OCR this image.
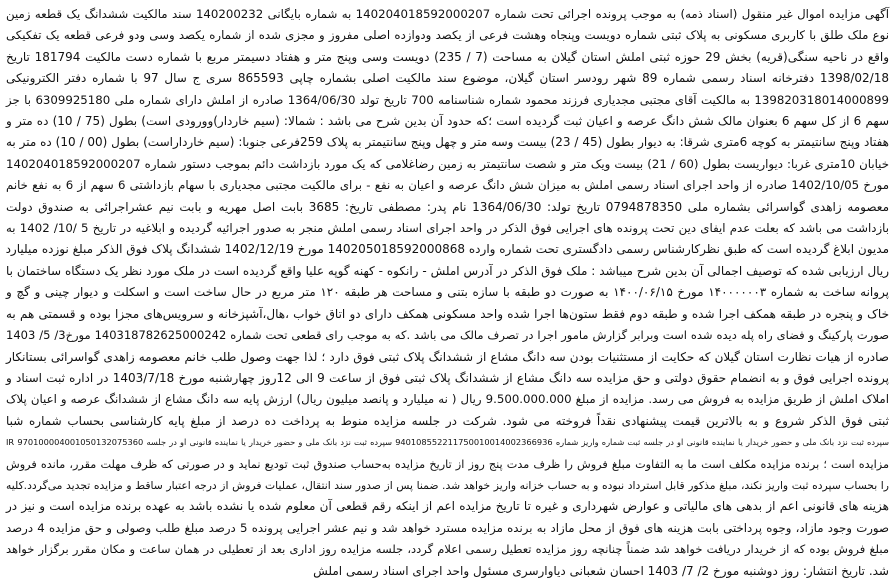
آگهی مزایده اموال غیر منقول (اسناد ذمه) به موجب پرونده اجرائی تحت شماره 140204018592000207 به شماره بایگانی 140200232 سند مالکیت ششدانگ یک قطعه زمین
نوع ملک طلق با کاربری مسکونی به پلاک ثبتی شماره دویست وپنجاه وهشت فرعی از یکصد ودوازده اصلی مفروز و مجزی شده از شماره یکصد وسی ودو فرعی قطعه یک تفکیکی
واقع در ناحیه سنگی(قریه) بخش 29 حوزه ثبتی املش استان گیلان به مساحت (7 / 235) دویست وسی وپنج متر و هفتاد دسیمتر مربع با شماره دست مالکیت 181794 تاریخ
1398/02/18 دفترخانه اسناد رسمی شماره 89 شهر رودسر استان گیلان، موضوع سند مالکیت اصلی بشماره چاپی 865593 سری ج سال 97 با شماره دفتر الکترونیکی
139820318014000899 به مالکیت آقای مجتبی مجدیاری فرزند محمود شماره شناسنامه 700 تاریخ تولد 1364/06/30 صادره از املش دارای شماره ملی 6309925180 با جز
سهم 6 از کل سهم 6 بعنوان مالک شش دانگ عرصه و اعیان ثبت گردیده است ؛که حدود آن بدین شرح می باشد : شمالا: (سیم خاردار)وورودی است) بطول (75 / 10) ده متر و
هفتاد وپنج سانتیمتر به کوچه 6متری شرقا: به دیوار بطول (45 / 23) بیست وسه متر و چهل وپنج سانتیمتر به پلاک 259فرعی جنوبا: (سیم خارداراست) بطول (00 / 10) ده متر به
خیابان 10متری غربا: دیواریست بطول (60 / 21) بیست ویک متر و شصت سانتیمتر به زمین رضاغلامی که یک مورد بازداشت دائم بموجب دستور شماره 140204018592000207
مورخ 1402/10/05 صادره از واحد اجرای اسناد رسمی املش به میزان شش دانگ عرصه و اعیان به نفع - برای مالکیت مجتبی مجدیاری با سهام بازداشتی 6 سهم از 6 به نفع خانم
معصومه زاهدی گواسرائی بشماره ملی 0794878350 تاریخ تولد: 1364/06/30 نام پدر: مصطفی تاریخ: 3685 بابت اصل مهریه و بابت نیم عشراجرائی به صندوق دولت
بازداشت می باشد که بعلت عدم ایفای دین تحت پرونده های اجرایی فوق الذکر در واحد اجرای اسناد رسمی املش منجر به صدور اجرائیه گردیده و ابلاغیه در تاریخ 5 /10/ 1402 به
مدیون ابلاغ گردیده است که طبق نظرکارشناس رسمی دادگستری تحت شماره وارده 140205018592000868 مورخ 1402/12/19 ششدانگ پلاک فوق الذکر مبلغ نوزده میلیارد
ریال ارزیابی شده که توصیف اجمالی آن بدین شرح میباشد : ملک فوق الذکر در آدرس املش - رانکوه - کهنه گوپه علیا واقع گردیده است در ملک مورد نظر یک دستگاه ساختمان با
پروانه ساخت به شماره ۱۴۰۰۰۰۰۰۳ مورخ ۱۴۰۰/۰۶/۱۵ به صورت دو طبقه با سازه بتنی و مساحت هر طبقه ۱۲۰ متر مربع در حال ساخت است و اسکلت و دیوار چینی و گچ و
خاک و پنجره در طبقه همکف اجرا شده و طبقه دوم فقط ستون‌ها اجرا شده واحد مسکونی همکف دارای دو اتاق خواب ،هال،آشپزخانه و سرویس‌های مجزا بوده و قسمتی هم به
صورت پارکینگ و فضای راه پله دیده شده است وبرابر گزارش مامور اجرا در تصرف مالک می باشد .که به موجب رای قطعی تحت شماره 140318782625000242 مورخ3/ 5/ 1403
صادره از هیات نظارت استان گیلان که حکایت از مستثنیات بودن سه دانگ مشاع از ششدانگ پلاک ثبتی فوق دارد ؛ لذا جهت وصول طلب خانم معصومه زاهدی گواسرائی بستانکار
پرونده اجرایی فوق و به انضمام حقوق دولتی و حق مزایده سه دانگ مشاع از ششدانگ پلاک ثبتی فوق از ساعت 9 الی 12روز چهارشنبه مورخ 1403/7/18 در اداره ثبت اسناد و
املاک املش از طریق مزایده به فروش می رسد. مزایده از مبلغ 9.500.000.000 ریال ( نه میلیارد و پانصد میلیون ریال) ارزش پایه سه دانگ مشاع از ششدانگ عرصه و اعیان پلاک
ثبتی فوق الذکر شروع و به بالاترین قیمت پیشنهادی نقداً فروخته می شود. شرکت در جلسه مزایده منوط به پرداخت ده درصد از مبلغ پایه کارشناسی بحساب شماره شبا
IR 970100004001050132075360 سپرده ثبت نزد بانک ملی و حضور خریدار یا نماینده قانونی او در جلسه ثبت شماره واریز شماره 940108552211750010014002366936 سپرده ثبت نزد بانک ملی و حضور خریدار یا نماینده قانونی او در جلسه
مزایده است ؛ برنده مزایده مکلف است ما به التفاوت مبلغ فروش را ظرف مدت پنج روز از تاریخ مزایده به‌حساب صندوق ثبت تودیع نماید و در صورتی که ظرف مهلت مقرر، مانده فروش
را بحساب سپرده ثبت واریز نکند، مبلغ مذکور قابل استرداد نبوده و به حساب خزانه واریز خواهد شد. ضمنا پس از صدور سند انتقال، عملیات فروش از درجه اعتبار ساقط و مزایده تجدید می‌گردد.کلیه
هزینه های قانونی اعم از بدهی های مالیاتی و عوارض شهرداری و غیره تا تاریخ مزایده اعم از اینکه رقم قطعی آن معلوم شده یا نشده باشد به عهده برنده مزایده است و نیز در
صورت وجود مازاد، وجوه پرداختی بابت هزینه های فوق از محل مازاد به برنده مزایده مسترد خواهد شد و نیم عشر اجرایی پرونده 5 درصد مبلغ طلب وصولی و حق مزایده 4 درصد
مبلغ فروش بوده که از خریدار دریافت خواهد شد ضمناً چنانچه روز مزایده تعطیل رسمی اعلام گردد، جلسه مزایده روز اداری بعد از تعطیلی در همان ساعت و مکان مقرر برگزار خواهد
شد. تاریخ انتشار: روز دوشنبه مورخ 2/ 7/ 1403 احسان شعبانی دیاوارسری مسئول واحد اجرای اسناد رسمی املش
